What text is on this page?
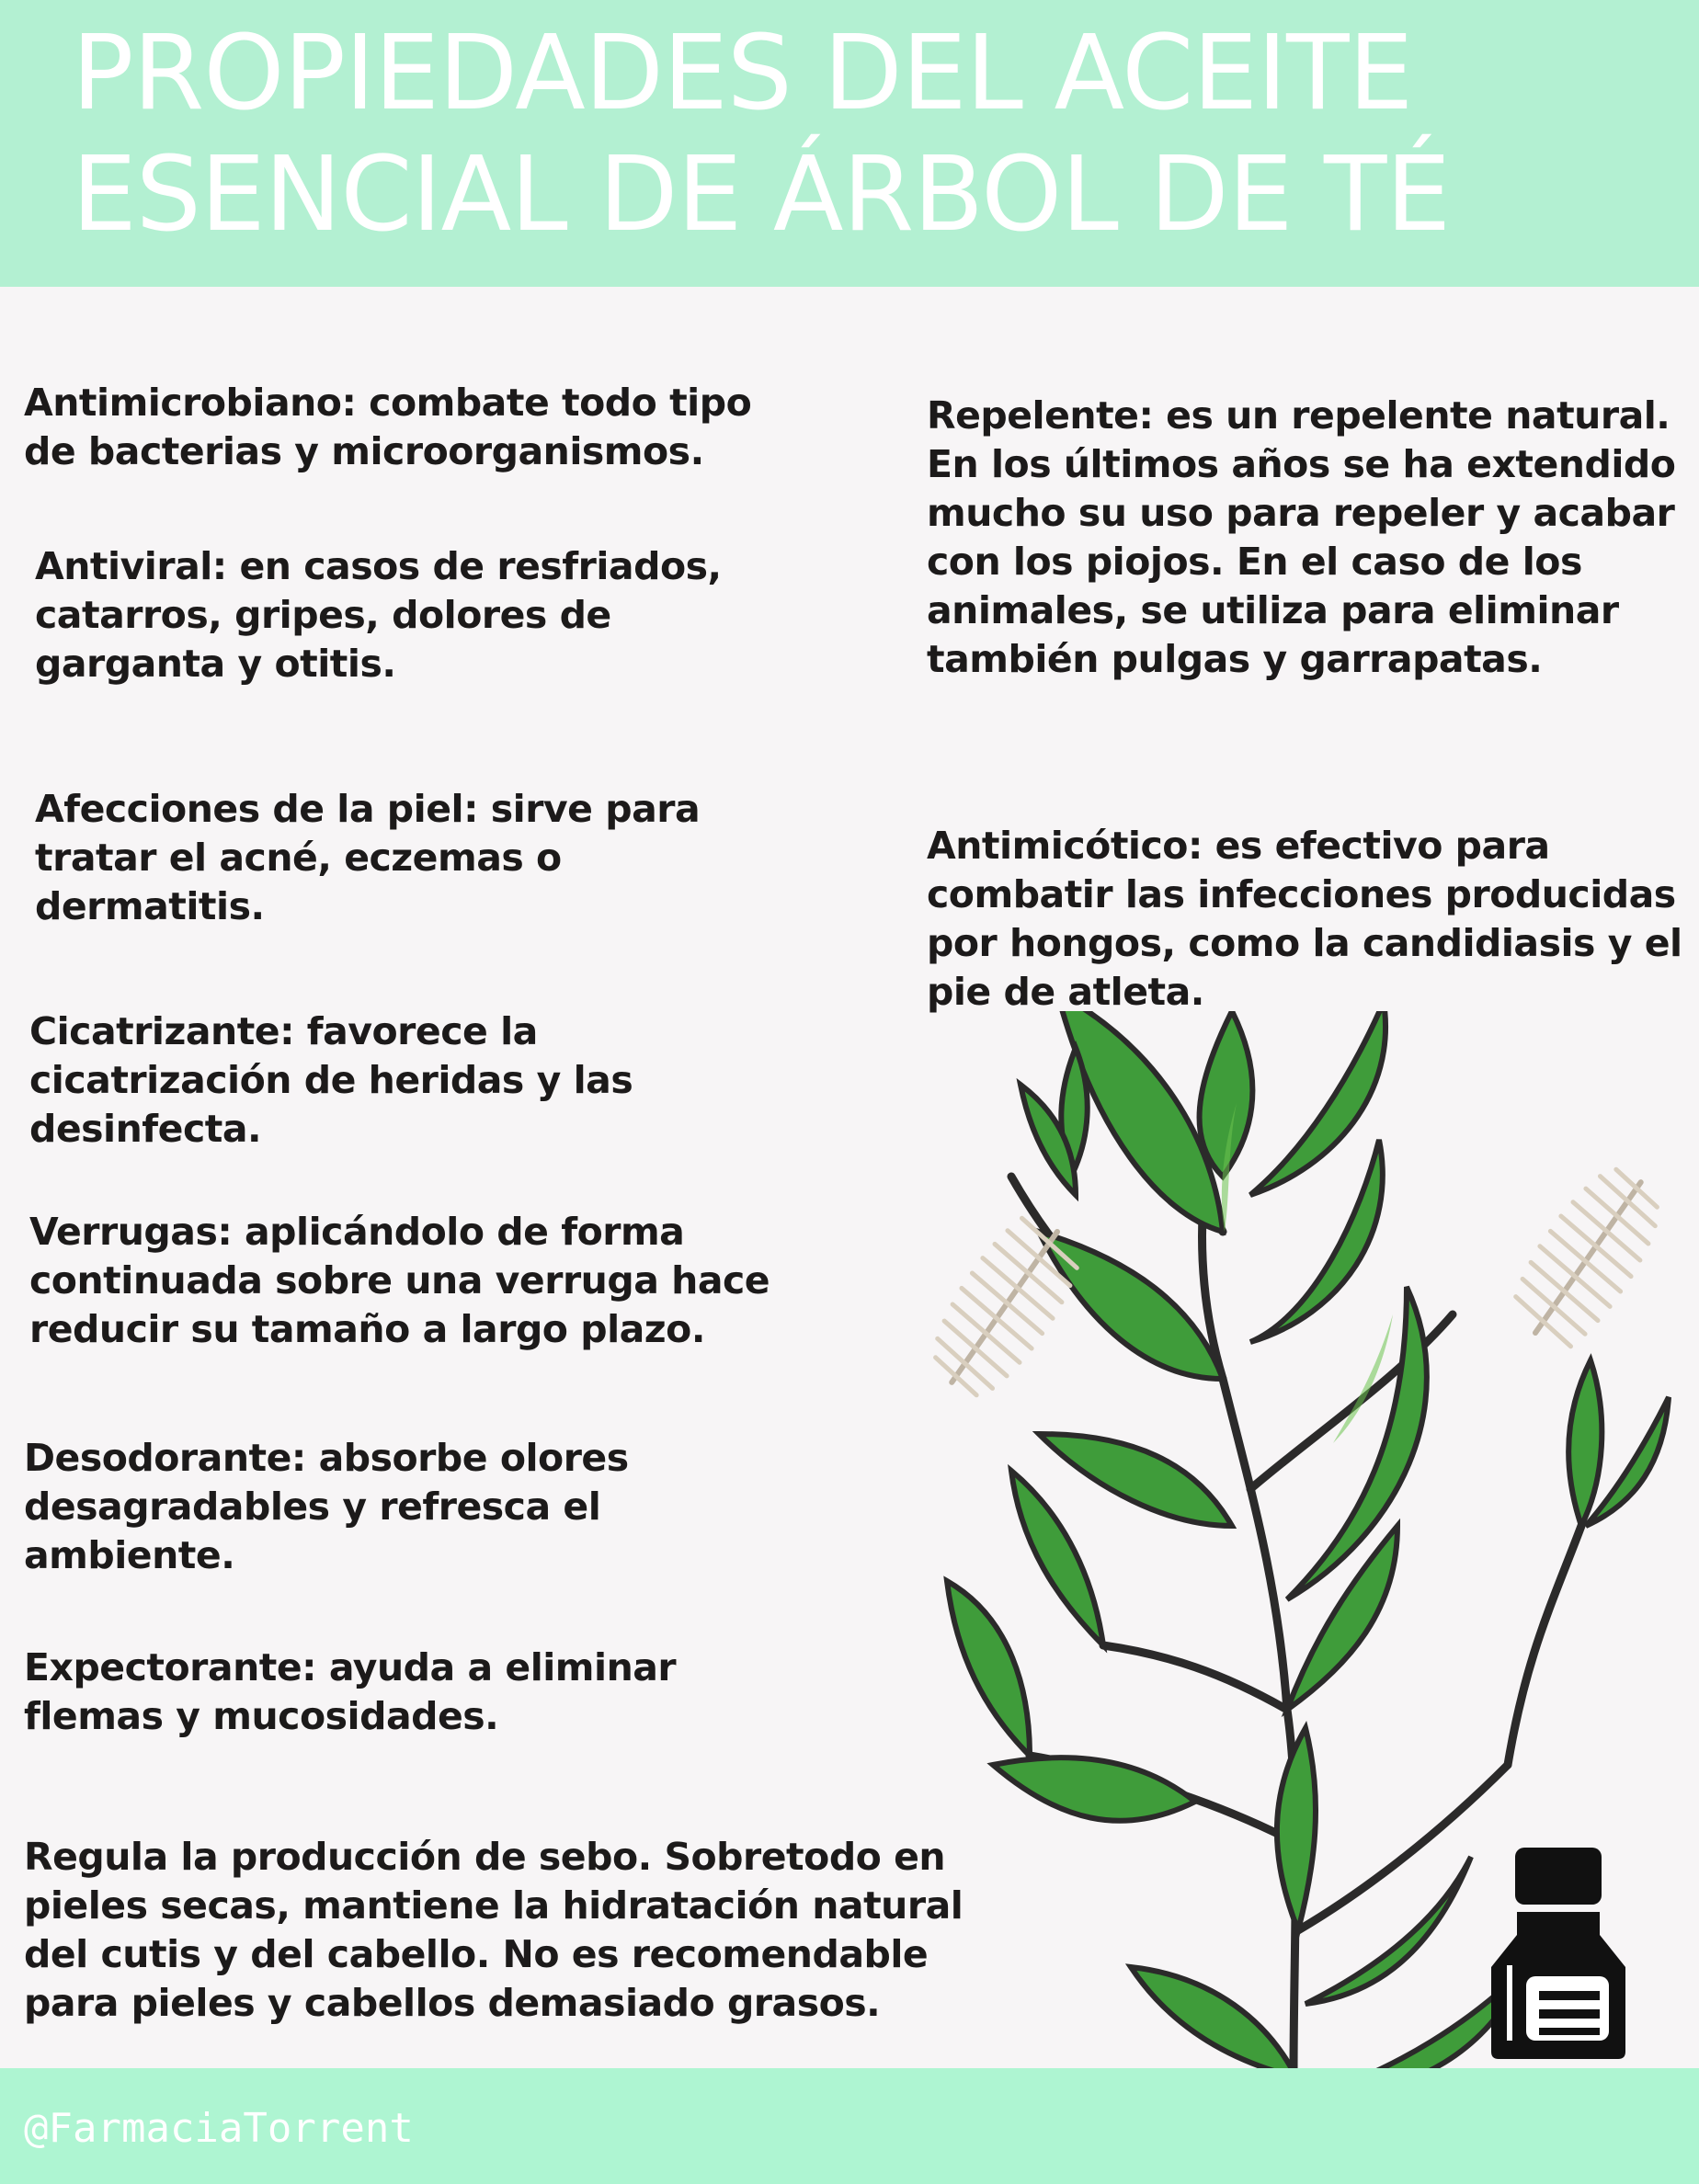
PROPIEDADES DEL ACEITE
ESENCIAL DE ÁRBOL DE TÉ

Antimicrobiano: combate todo tipo
de bacterias y microorganismos.

Antiviral: en casos de resfriados,
catarros, gripes, dolores de
garganta y otitis.

Afecciones de la piel: sirve para
tratar el acné, eczemas o
dermatitis.

Cicatrizante: favorece la
cicatrización de heridas y las
desinfecta.

Verrugas: aplicándolo de forma
continuada sobre una verruga hace
reducir su tamaño a largo plazo.

Desodorante: absorbe olores
desagradables y refresca el
ambiente.

Expectorante: ayuda a eliminar
flemas y mucosidades.

Regula la producción de sebo. Sobretodo en
pieles secas, mantiene la hidratación natural
del cutis y del cabello. No es recomendable
para pieles y cabellos demasiado grasos.

Repelente: es un repelente natural.
En los últimos años se ha extendido
mucho su uso para repeler y acabar
con los piojos. En el caso de los
animales, se utiliza para eliminar
también pulgas y garrapatas.

Antimicótico: es efectivo para
combatir las infecciones producidas
por hongos, como la candidiasis y el
pie de atleta.

@FarmaciaTorrent
